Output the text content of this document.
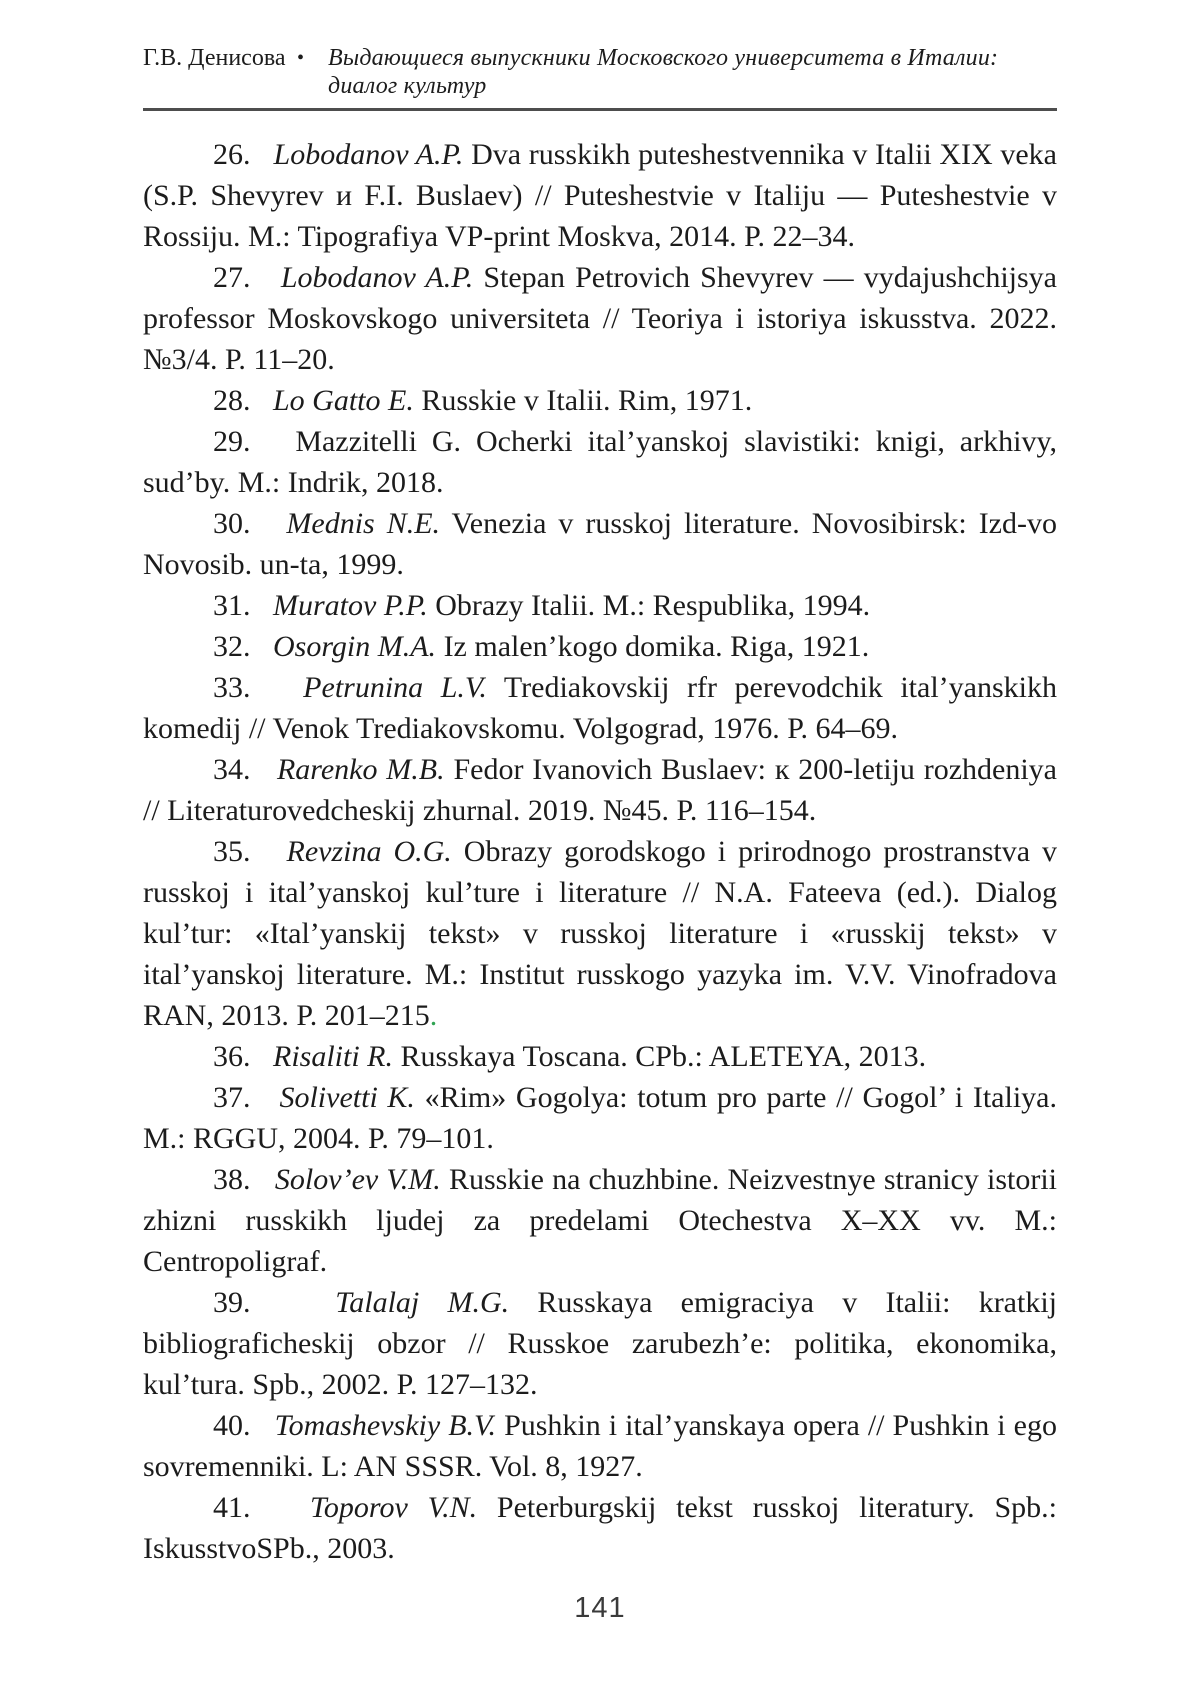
Г.В. Денисова • Выдающиеся выпускники Московского университета в Италии:
диалог культур

26. Lobodanov A.P. Dva russkikh puteshestvennika v Italii XIX veka (S.P. Shevyrev и F.I. Buslaev) // Puteshestvie v Italiju — Puteshestvie v Rossiju. M.: Tipografiya VP-print Moskva, 2014. P. 22–34.

27. Lobodanov A.P. Stepan Petrovich Shevyrev — vydajushchijsya professor Moskovskogo universiteta // Teoriya i istoriya iskusstva. 2022. №3/4. P. 11–20.

28. Lo Gatto E. Russkie v Italii. Rim, 1971.

29. Mazzitelli G. Ocherki ital’yanskoj slavistiki: knigi, arkhivy, sud’by. M.: Indrik, 2018.

30. Mednis N.E. Venezia v russkoj literature. Novosibirsk: Izd-vo Novosib. un-ta, 1999.

31. Muratov P.P. Obrazy Italii. M.: Respublika, 1994.

32. Osorgin M.A. Iz malen’kogo domika. Riga, 1921.

33. Petrunina L.V. Trediakovskij rfr perevodchik ital’yanskikh komedij // Venok Trediakovskomu. Volgograd, 1976. P. 64–69.

34. Rarenko M.B. Fedor Ivanovich Buslaev: к 200-letiju rozhdeniya // Literaturovedcheskij zhurnal. 2019. №45. P. 116–154.

35. Revzina O.G. Obrazy gorodskogo i prirodnogo prostranstva v russkoj i ital’yanskoj kul’ture i literature // N.A. Fateeva (ed.). Dialog kul’tur: «Ital’yanskij tekst» v russkoj literature i «russkij tekst» v ital’yanskoj literature. M.: Institut russkogo yazyka im. V.V. Vinofradova RAN, 2013. P. 201–215.

36. Risaliti R. Russkaya Toscana. CPb.: ALETEYA, 2013.

37. Solivetti K. «Rim» Gogolya: totum pro parte // Gogol’ i Italiya. M.: RGGU, 2004. P. 79–101.

38. Solov’ev V.M. Russkie na chuzhbine. Neizvestnye stranicy istorii zhizni russkikh ljudej za predelami Otechestva X–XX vv. M.: Centropoligraf.

39.	Talalaj M.G. Russkaya emigraciya v Italii: kratkij bibliograficheskij obzor // Russkoe zarubezh’e: politika, ekonomika, kul’tura. Spb., 2002. P. 127–132.

40. Tomashevskiy B.V. Pushkin i ital’yanskaya opera // Pushkin i ego sovremenniki. L: AN SSSR. Vol. 8, 1927.

41. Toporov V.N. Peterburgskij tekst russkoj literatury. Spb.: IskusstvoSPb., 2003.

141
